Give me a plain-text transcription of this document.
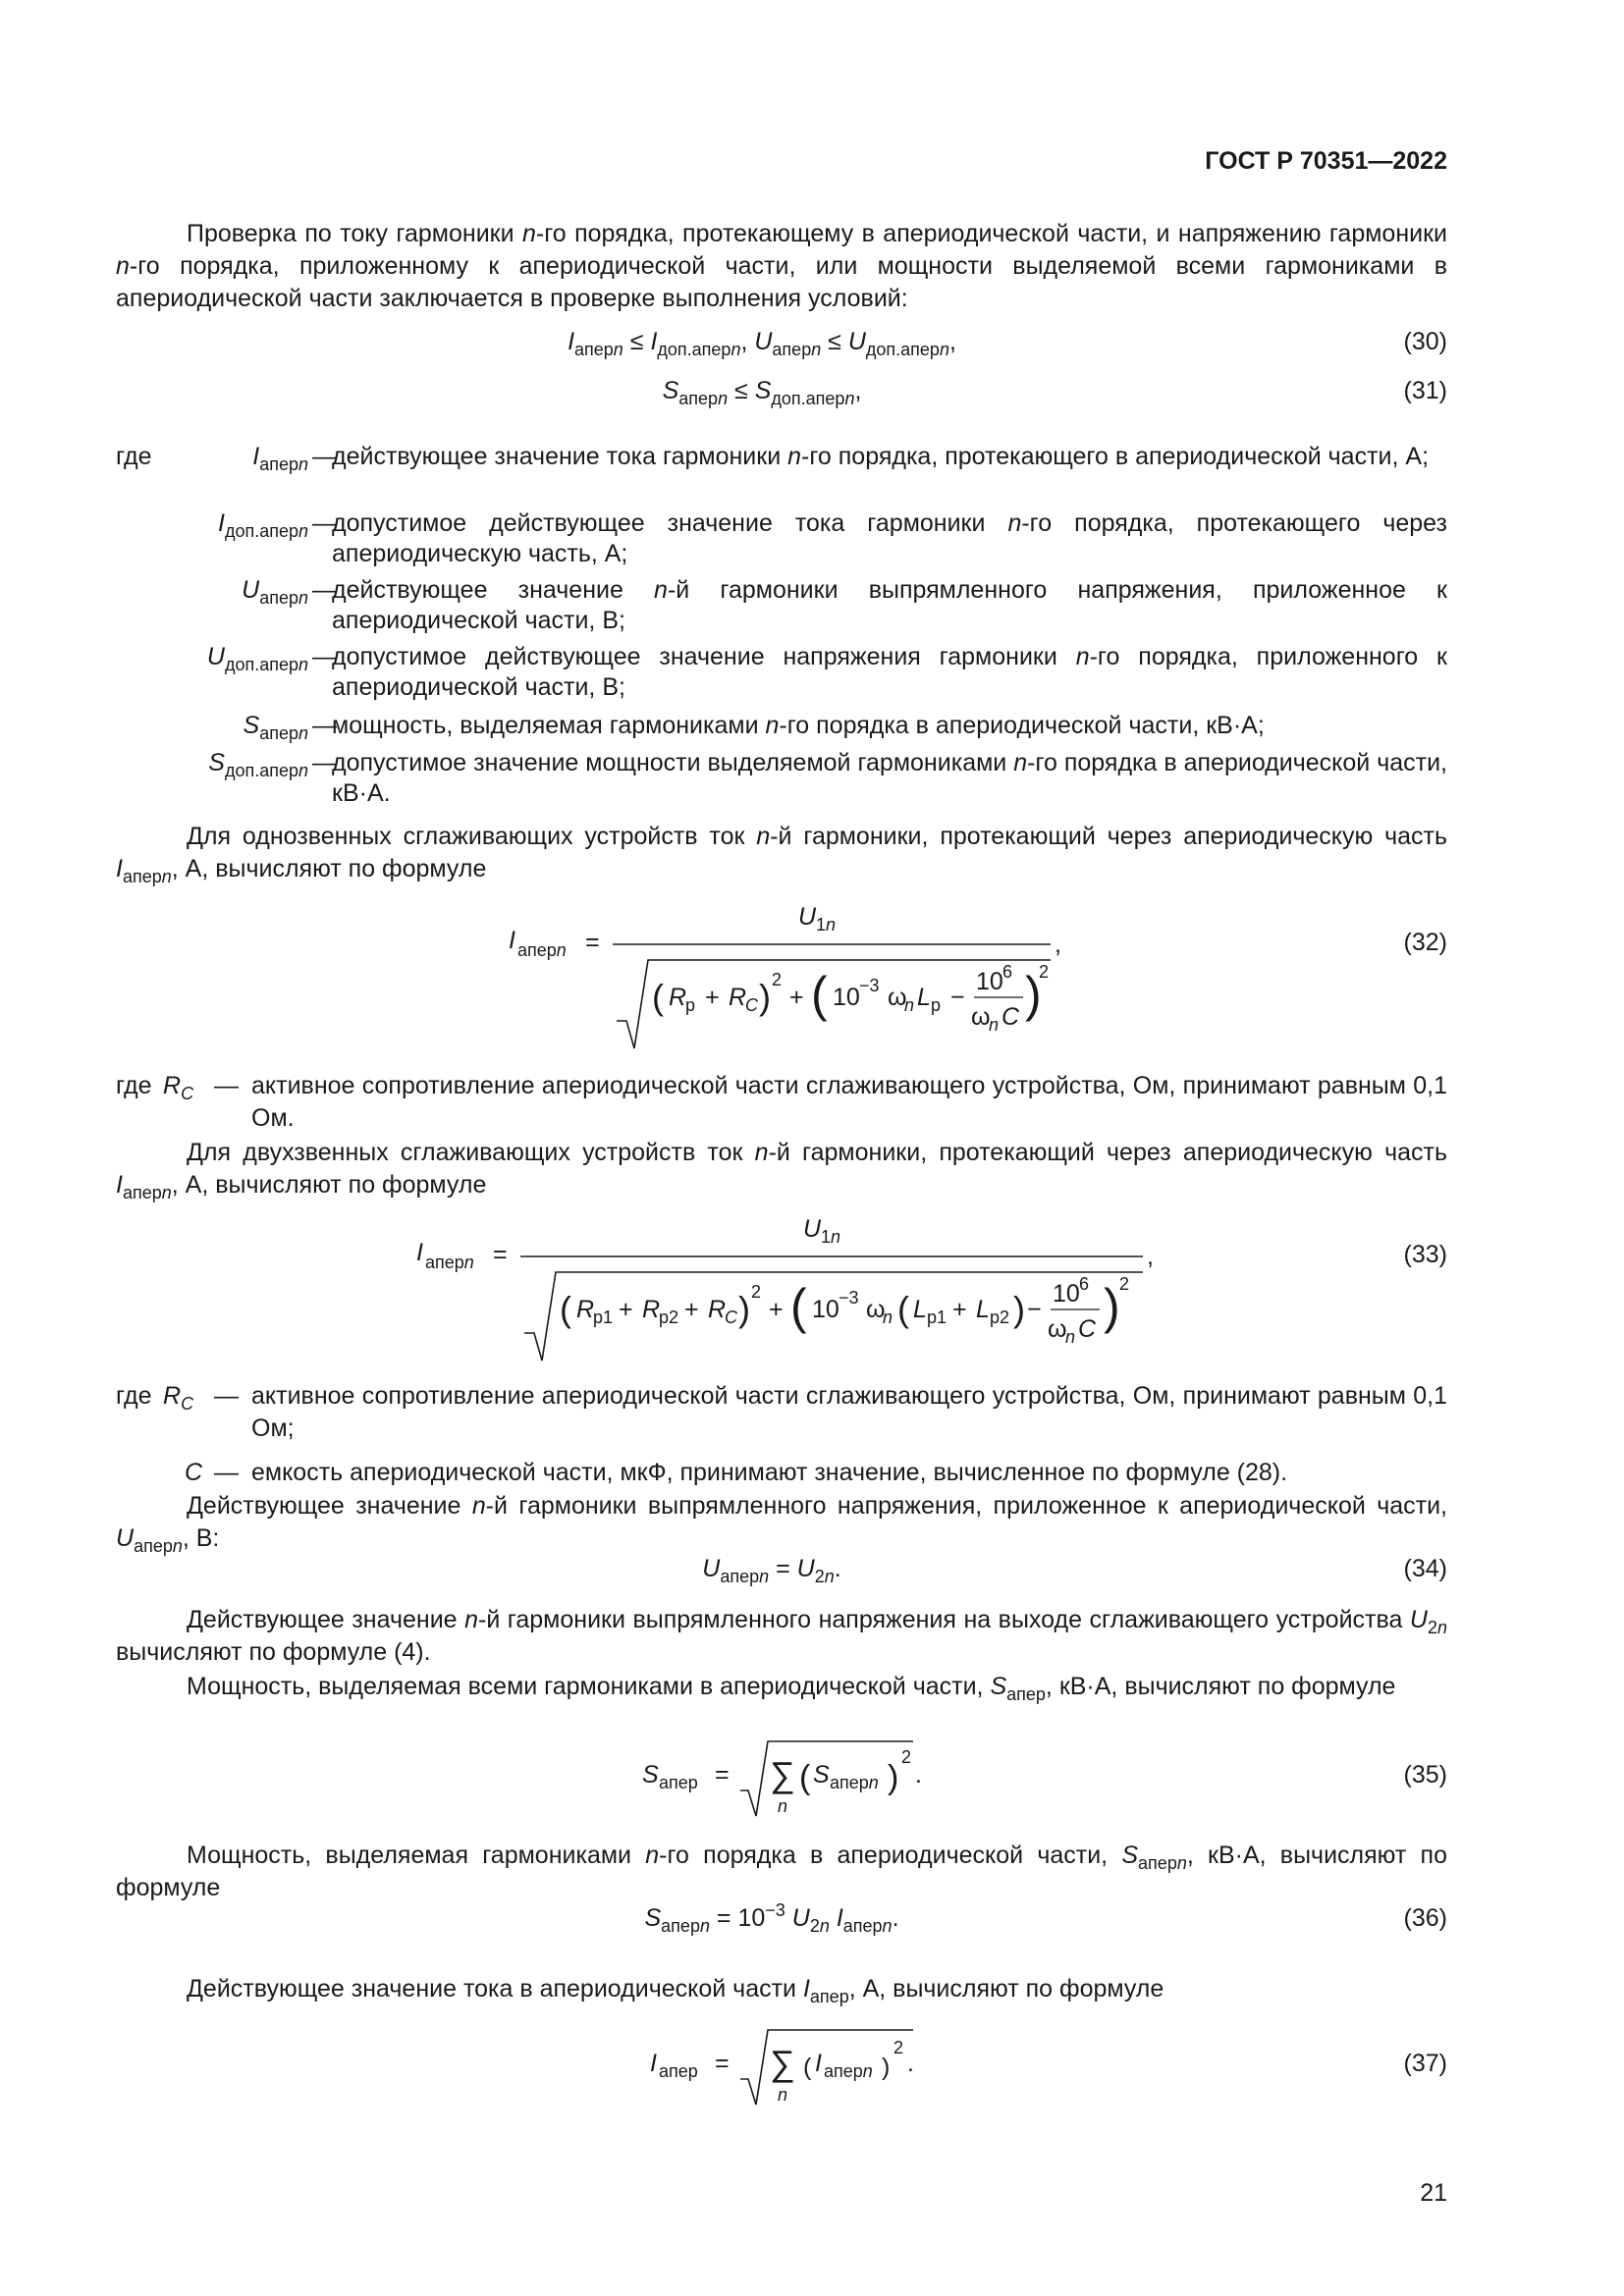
ГОСТ Р 70351—2022
Проверка по току гармоники n-го порядка, протекающему в апериодической части, и напряжению гармоники n-го порядка, приложенному к апериодической части, или мощности выделяемой всеми гармониками в апериодической части заключается в проверке выполнения условий:
$I_{аперn} \le I_{доп.аперn}$, $U_{аперn} \le U_{доп.аперn}$,	(30)
$S_{аперn} \le S_{доп.аперn}$,	(31)
где	$I_{аперn}$ —
действующее значение тока гармоники n-го порядка, протекающего в апериодической части, А;
$I_{доп.аперn}$ —
допустимое действующее значение тока гармоники n-го порядка, протекающего через апериодическую часть, А;
$U_{аперn}$ —
действующее значение n-й гармоники выпрямленного напряжения, приложенное к апериодической части, В;
$U_{доп.аперn}$ —
допустимое действующее значение напряжения гармоники n-го порядка, приложенного к апериодической части, В;
$S_{аперn}$ —
мощность, выделяемая гармониками n-го порядка в апериодической части, кВ·А;
$S_{доп.аперn}$ —
допустимое значение мощности выделяемой гармониками n-го порядка в апериодической части, кВ·А.
Для однозвенных сглаживающих устройств ток n-й гармоники, протекающий через апериодическую часть $I_{аперn}$, А, вычисляют по формуле
I аперn =
U 1n
,
( R
р + R
C ) 2
+ ( 10 −3 ω
n L р −
10 6
ω
n C )
2
(32)
где $R_C$ — активное сопротивление апериодической части сглаживающего устройства, Ом, принимают равным 0,1 Ом.
Для двухзвенных сглаживающих устройств ток n-й гармоники, протекающий через апериодическую часть $I_{аперn}$, А, вычисляют по формуле
I аперn =
U 1n
,
( R
р1 + R
р2 + R
C ) 2
+ ( 10 −3 ω
n ( L р1 + L р2 ) −
10 6
ω
n C ) 2
(33)
где $R_C$ — активное сопротивление апериодической части сглаживающего устройства, Ом, принимают равным 0,1 Ом;
C — емкость апериодической части, мкФ, принимают значение, вычисленное по формуле (28).
Действующее значение n-й гармоники выпрямленного напряжения, приложенное к апериодической части, $U_{аперn}$, В:
$U_{аперn} = U_{2n}$.	(34)
Действующее значение n-й гармоники выпрямленного напряжения на выходе сглаживающего устройства $U_{2n}$ вычисляют по формуле (4).
Мощность, выделяемая всеми гармониками в апериодической части, $S_{апер}$, кВ·А, вычисляют по формуле
S апер = ∑
n
( S аперn )
2
.	(35)
Мощность, выделяемая гармониками n-го порядка в апериодической части, $S_{аперn}$, кВ·А, вычисляют по формуле
$S_{аперn} = 10^{-3}$ $U_{2n}$ $I_{аперn}$.	(36)
Действующее значение тока в апериодической части $I_{апер}$, А, вычисляют по формуле
I апер = ∑
n
( I аперn )
2
.	(37)
21
